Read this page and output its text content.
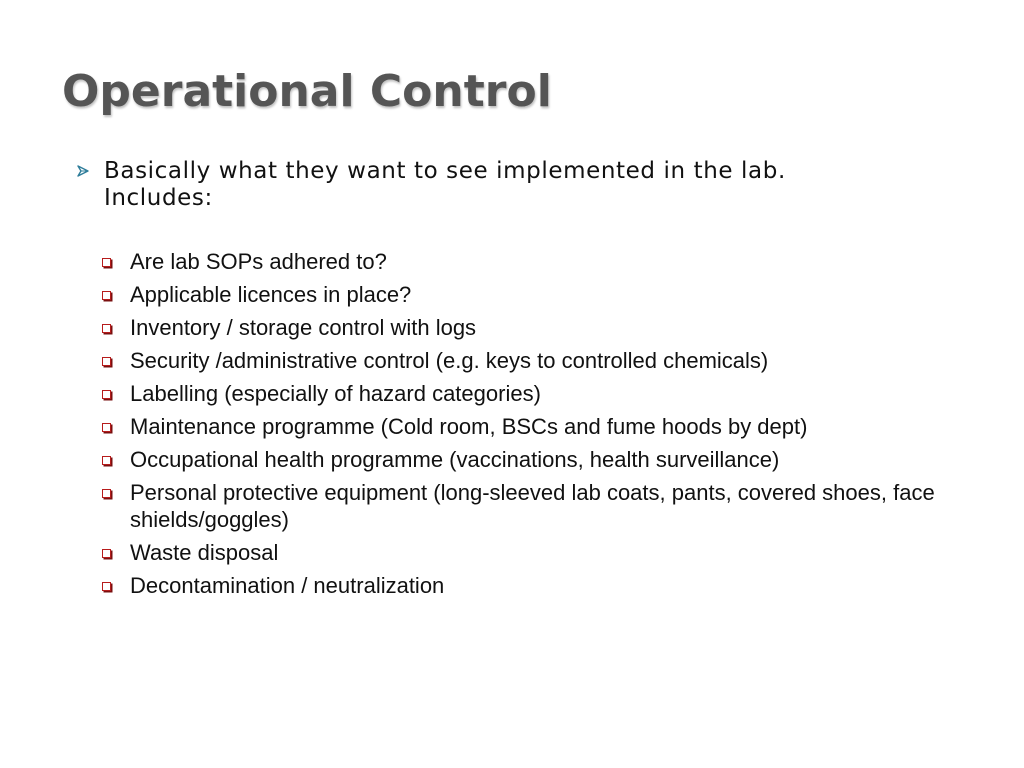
Operational Control
Basically what they want to see implemented in the lab.
Includes:
Are lab SOPs adhered to?
Applicable licences in place?
Inventory / storage control with logs
Security /administrative control (e.g. keys to controlled chemicals)
Labelling (especially of hazard categories)
Maintenance programme (Cold room, BSCs and fume hoods by dept)
Occupational health programme (vaccinations, health surveillance)
Personal protective equipment (long-sleeved lab coats, pants, covered shoes, face shields/goggles)
Waste disposal
Decontamination / neutralization
